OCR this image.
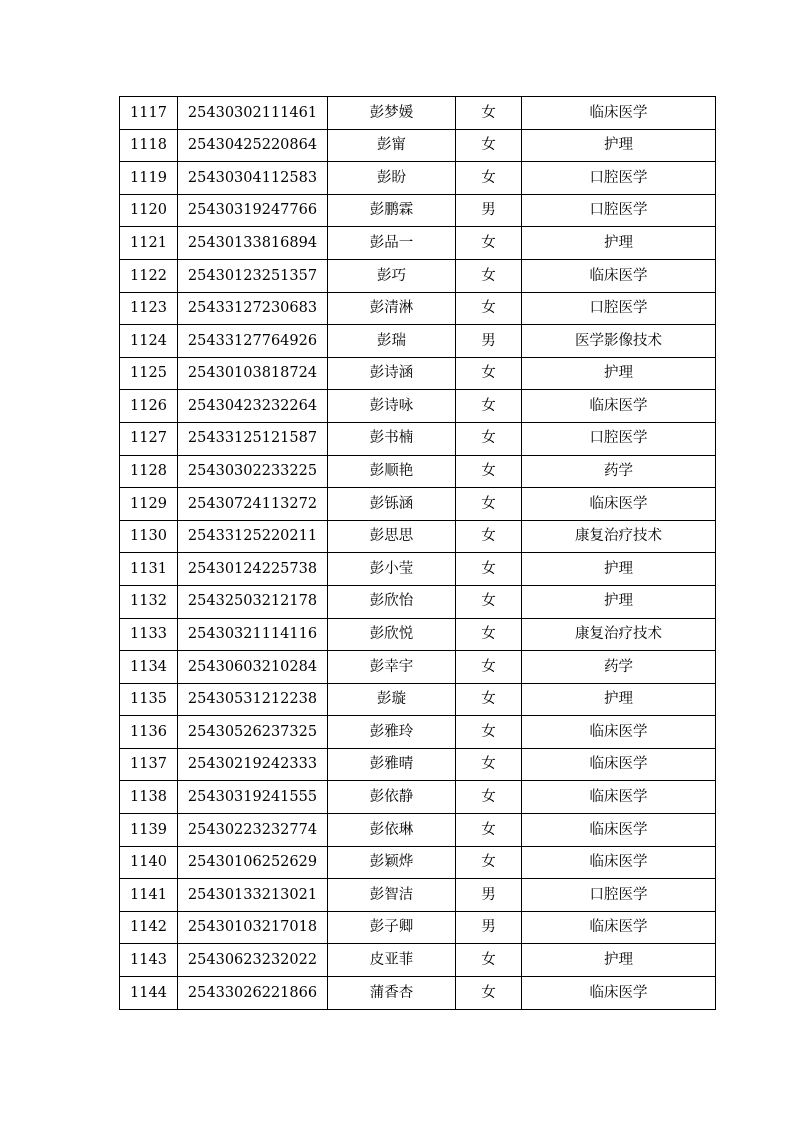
1117	25430302111461	彭梦媛	女	临床医学
1118	25430425220864	彭甯	女	护理
1119	25430304112583	彭盼	女	口腔医学
1120	25430319247766	彭鹏霖	男	口腔医学
1121	25430133816894	彭品一	女	护理
1122	25430123251357	彭巧	女	临床医学
1123	25433127230683	彭清淋	女	口腔医学
1124	25433127764926	彭瑞	男	医学影像技术
1125	25430103818724	彭诗涵	女	护理
1126	25430423232264	彭诗咏	女	临床医学
1127	25433125121587	彭书楠	女	口腔医学
1128	25430302233225	彭顺艳	女	药学
1129	25430724113272	彭铄涵	女	临床医学
1130	25433125220211	彭思思	女	康复治疗技术
1131	25430124225738	彭小莹	女	护理
1132	25432503212178	彭欣怡	女	护理
1133	25430321114116	彭欣悦	女	康复治疗技术
1134	25430603210284	彭幸宇	女	药学
1135	25430531212238	彭璇	女	护理
1136	25430526237325	彭雅玲	女	临床医学
1137	25430219242333	彭雅晴	女	临床医学
1138	25430319241555	彭依静	女	临床医学
1139	25430223232774	彭依琳	女	临床医学
1140	25430106252629	彭颖烨	女	临床医学
1141	25430133213021	彭智洁	男	口腔医学
1142	25430103217018	彭子卿	男	临床医学
1143	25430623232022	皮亚菲	女	护理
1144	25433026221866	蒲香杏	女	临床医学
